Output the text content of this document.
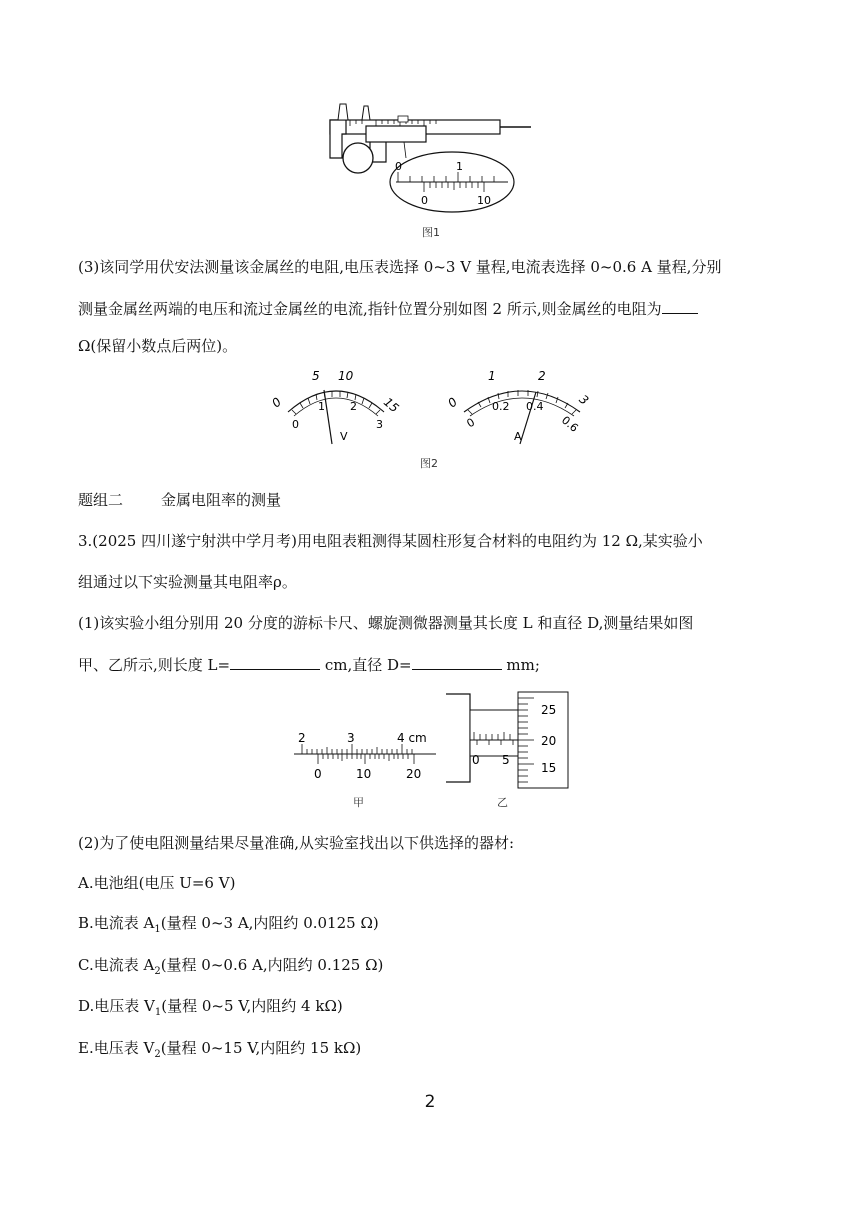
0	1
0	10
图1
(3)该同学用伏安法测量该金属丝的电阻,电压表选择 0~3 V 量程,电流表选择 0~0.6 A 量程,分别
测量金属丝两端的电压和流过金属丝的电流,指针位置分别如图 2 所示,则金属丝的电阻为
Ω(保留小数点后两位)。
0
5 10
15
0
1 2
3
V
0
1	2
3
0
0.2 0.4
0.6
A
图2
题组二	金属电阻率的测量
3.(2025 四川遂宁射洪中学月考)用电阻表粗测得某圆柱形复合材料的电阻约为 12 Ω,某实验小
组通过以下实验测量其电阻率ρ。
(1)该实验小组分别用 20 分度的游标卡尺、螺旋测微器测量其长度 L 和直径 D,测量结果如图
甲、乙所示,则长度 L=	cm,直径 D=	mm;
2	3	4 cm
0	10	20
甲
0 5
25
20
15
乙
(2)为了使电阻测量结果尽量准确,从实验室找出以下供选择的器材:
A.电池组(电压 U=6 V)
B.电流表 $A_1$(量程 0~3 A,内阻约 0.0125 Ω)
C.电流表 $A_2$(量程 0~0.6 A,内阻约 0.125 Ω)
D.电压表 $V_1$(量程 0~5 V,内阻约 4 kΩ)
E.电压表 $V_2$(量程 0~15 V,内阻约 15 kΩ)
2
